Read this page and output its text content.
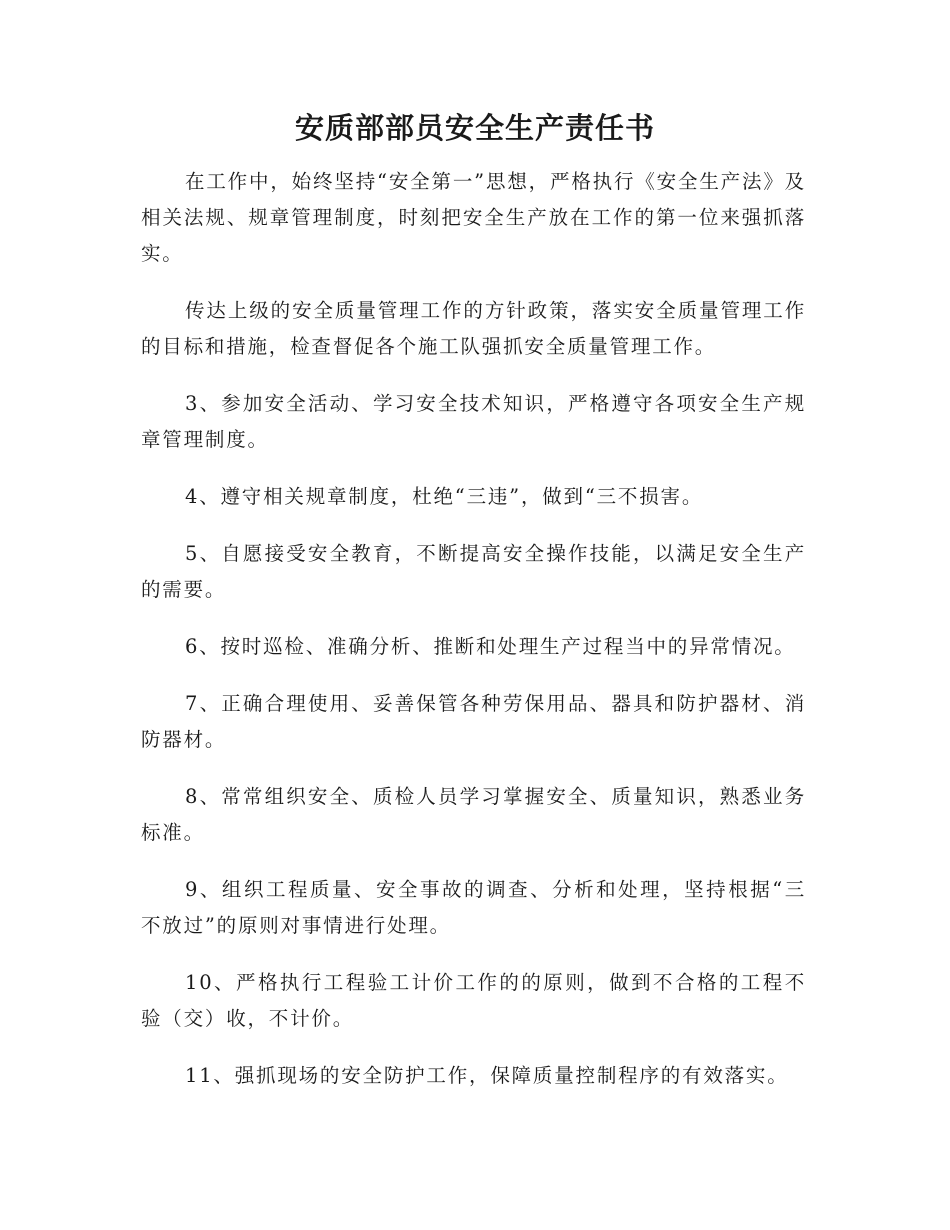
安质部部员安全生产责任书

在工作中，始终坚持“安全第一”思想，严格执行《安全生产法》及相关法规、规章管理制度，时刻把安全生产放在工作的第一位来强抓落实。

传达上级的安全质量管理工作的方针政策，落实安全质量管理工作的目标和措施，检查督促各个施工队强抓安全质量管理工作。

3、参加安全活动、学习安全技术知识，严格遵守各项安全生产规章管理制度。

4、遵守相关规章制度，杜绝“三违”，做到“三不损害。

5、自愿接受安全教育，不断提高安全操作技能，以满足安全生产的需要。

6、按时巡检、准确分析、推断和处理生产过程当中的异常情况。

7、正确合理使用、妥善保管各种劳保用品、器具和防护器材、消防器材。

8、常常组织安全、质检人员学习掌握安全、质量知识，熟悉业务标准。

9、组织工程质量、安全事故的调查、分析和处理，坚持根据“三不放过”的原则对事情进行处理。

10、严格执行工程验工计价工作的的原则，做到不合格的工程不验（交）收，不计价。

11、强抓现场的安全防护工作，保障质量控制程序的有效落实。
